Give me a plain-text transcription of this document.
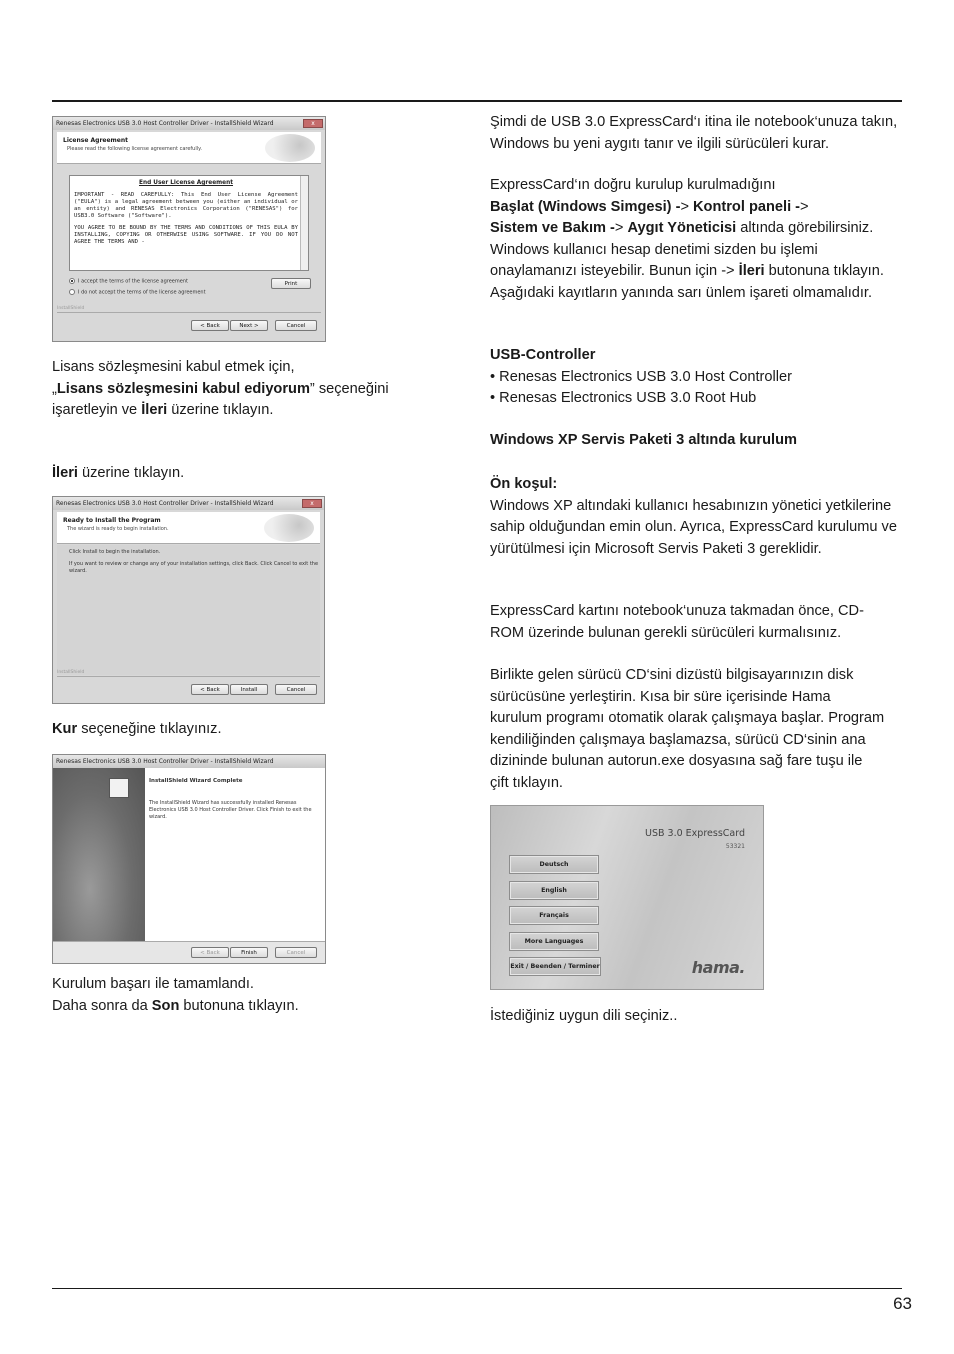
Renesas Electronics USB 3.0 Host Controller Driver - InstallShield Wizard	x
License Agreement
Please read the following license agreement carefully.
End User License Agreement
IMPORTANT - READ CAREFULLY: This End User License Agreement ("EULA") is a legal agreement between you (either an individual or an entity) and RENESAS Electronics Corporation ("RENESAS") for USB3.0 Software ("Software").
YOU AGREE TO BE BOUND BY THE TERMS AND CONDITIONS OF THIS EULA BY INSTALLING, COPYING OR OTHERWISE USING SOFTWARE. IF YOU DO NOT AGREE THE TERMS AND -
I accept the terms of the license agreement
I do not accept the terms of the license agreement
Print
InstallShield
< Back	Next >	Cancel
Lisans sözleşmesini kabul etmek için,
„Lisans sözleşmesini kabul ediyorum” seçeneğini
işaretleyin ve İleri üzerine tıklayın.
İleri üzerine tıklayın.
Renesas Electronics USB 3.0 Host Controller Driver - InstallShield Wizard	x
Ready to Install the Program
The wizard is ready to begin installation.
Click Install to begin the installation.
If you want to review or change any of your installation settings, click Back. Click Cancel to exit the wizard.
InstallShield
< Back	Install	Cancel
Kur seçeneğine tıklayınız.
Renesas Electronics USB 3.0 Host Controller Driver - InstallShield Wizard
InstallShield Wizard Complete
The InstallShield Wizard has successfully installed Renesas Electronics USB 3.0 Host Controller Driver. Click Finish to exit the wizard.
< Back	Finish	Cancel
Kurulum başarı ile tamamlandı.
Daha sonra da Son butonuna tıklayın.
Şimdi de USB 3.0 ExpressCard‘ı itina ile notebook‘unuza takın, Windows bu yeni aygıtı tanır ve ilgili sürücüleri kurar.
ExpressCard‘ın doğru kurulup kurulmadığını
Başlat (Windows Simgesi) -> Kontrol paneli ->
Sistem ve Bakım -> Aygıt Yöneticisi altında görebilirsiniz. Windows kullanıcı hesap denetimi sizden bu işlemi onaylamanızı isteyebilir. Bunun için -> İleri butonuna tıklayın. Aşağıdaki kayıtların yanında sarı ünlem işareti olmamalıdır.
USB-Controller
• Renesas Electronics USB 3.0 Host Controller
• Renesas Electronics USB 3.0 Root Hub
Windows XP Servis Paketi 3 altında kurulum
Ön koşul:
Windows XP altındaki kullanıcı hesabınızın yönetici yetkilerine sahip olduğundan emin olun. Ayrıca, ExpressCard kurulumu ve yürütülmesi için Microsoft Servis Paketi 3 gereklidir.
ExpressCard kartını notebook‘unuza takmadan önce, CD-ROM üzerinde bulunan gerekli sürücüleri kurmalısınız.
Birlikte gelen sürücü CD‘sini dizüstü bilgisayarınızın disk sürücüsüne yerleştirin. Kısa bir süre içerisinde Hama kurulum programı otomatik olarak çalışmaya başlar. Program kendiliğinden çalışmaya başlamazsa, sürücü CD‘sinin ana dizininde bulunan autorun.exe dosyasına sağ fare tuşu ile çift tıklayın.
USB 3.0 ExpressCard
53321
Deutsch
English
Français
More Languages
Exit / Beenden / Terminer	hama.
İstediğiniz uygun dili seçiniz..
63
